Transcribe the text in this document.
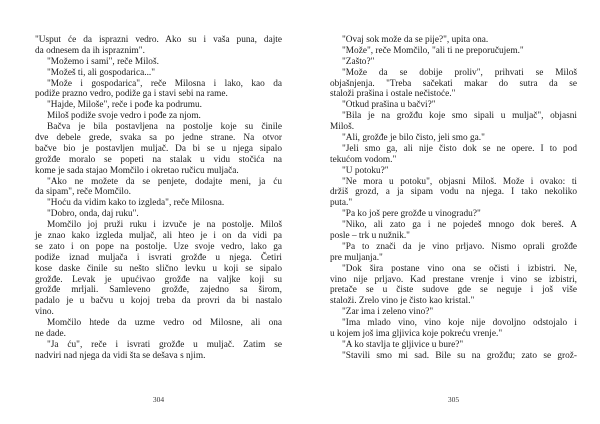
"Usput će da isprazni vedro. Ako su i vaša puna, dajte
da odnesem da ih ispraznim".
"Možemo i sami", reče Miloš.
"Možeš ti, ali gospodarica..."
"Može i gospodarica", reče Milosna i lako, kao da
podiže prazno vedro, podiže ga i stavi sebi na rame.
"Hajde, Miloše", reče i pođe ka podrumu.
Miloš podiže svoje vedro i pođe za njom.
Bačva je bila postavljena na postolje koje su činile
dve debele grede, svaka sa po jedne strane. Na otvor
bačve bio je postavljen muljač. Da bi se u njega sipalo
grožđe moralo se popeti na stalak u vidu stočića na
kome je sada stajao Momčilo i okretao ručicu muljača.
"Ako ne možete da se penjete, dodajte meni, ja ću
da sipam", reče Momčilo.
"Hoću da vidim kako to izgleda", reče Milosna.
"Dobro, onda, daj ruku".
Momčilo joj pruži ruku i izvuče je na postolje. Miloš
je znao kako izgleda muljač, ali hteo je i on da vidi pa
se zato i on pope na postolje. Uze svoje vedro, lako ga
podiže iznad muljača i isvrati grožđe u njega. Četiri
kose daske činile su nešto slično levku u koji se sipalo
grožđe. Levak je upućivao grožđe na valjke koji su
grožđe mrljali. Samleveno grožđe, zajedno sa širom,
padalo je u bačvu u kojoj treba da provri da bi nastalo
vino.
Momčilo htede da uzme vedro od Milosne, ali ona
ne dade.
"Ja ću", reče i isvrati grožđe u muljač. Zatim se
nadviri nad njega da vidi šta se dešava s njim.
304
"Ovaj sok može da se pije?", upita ona.
"Može", reče Momčilo, "ali ti ne preporučujem."
"Zašto?"
"Može da se dobije proliv", prihvati se Miloš
objašnjenja. "Treba sačekati makar do sutra da se
staloži prašina i ostale nečistoće."
"Otkud prašina u bačvi?"
"Bila je na grožđu koje smo sipali u muljač", objasni
Miloš.
"Ali, grožđe je bilo čisto, jeli smo ga."
"Jeli smo ga, ali nije čisto dok se ne opere. I to pod
tekućom vodom."
"U potoku?"
"Ne mora u potoku", objasni Miloš. Može i ovako: ti
držiš grozd, a ja sipam vodu na njega. I tako nekoliko
puta."
"Pa ko još pere grožđe u vinogradu?"
"Niko, ali zato ga i ne pojedeš mnogo dok bereš. A
posle – trk u nužnik."
"Pa to znači da je vino prljavo. Nismo oprali grožđe
pre muljanja."
"Dok šira postane vino ona se očisti i izbistri. Ne,
vino nije prljavo. Kad prestane vrenje i vino se izbistri,
pretače se u čiste sudove gde se neguje i još više
staloži. Zrelo vino je čisto kao kristal."
"Zar ima i zeleno vino?"
"Ima mlado vino, vino koje nije dovoljno odstojalo i
u kojem još ima gljivica koje pokreću vrenje."
"A ko stavlja te gljivice u bure?"
"Stavili smo mi sad. Bile su na grožđu; zato se grož-
305
